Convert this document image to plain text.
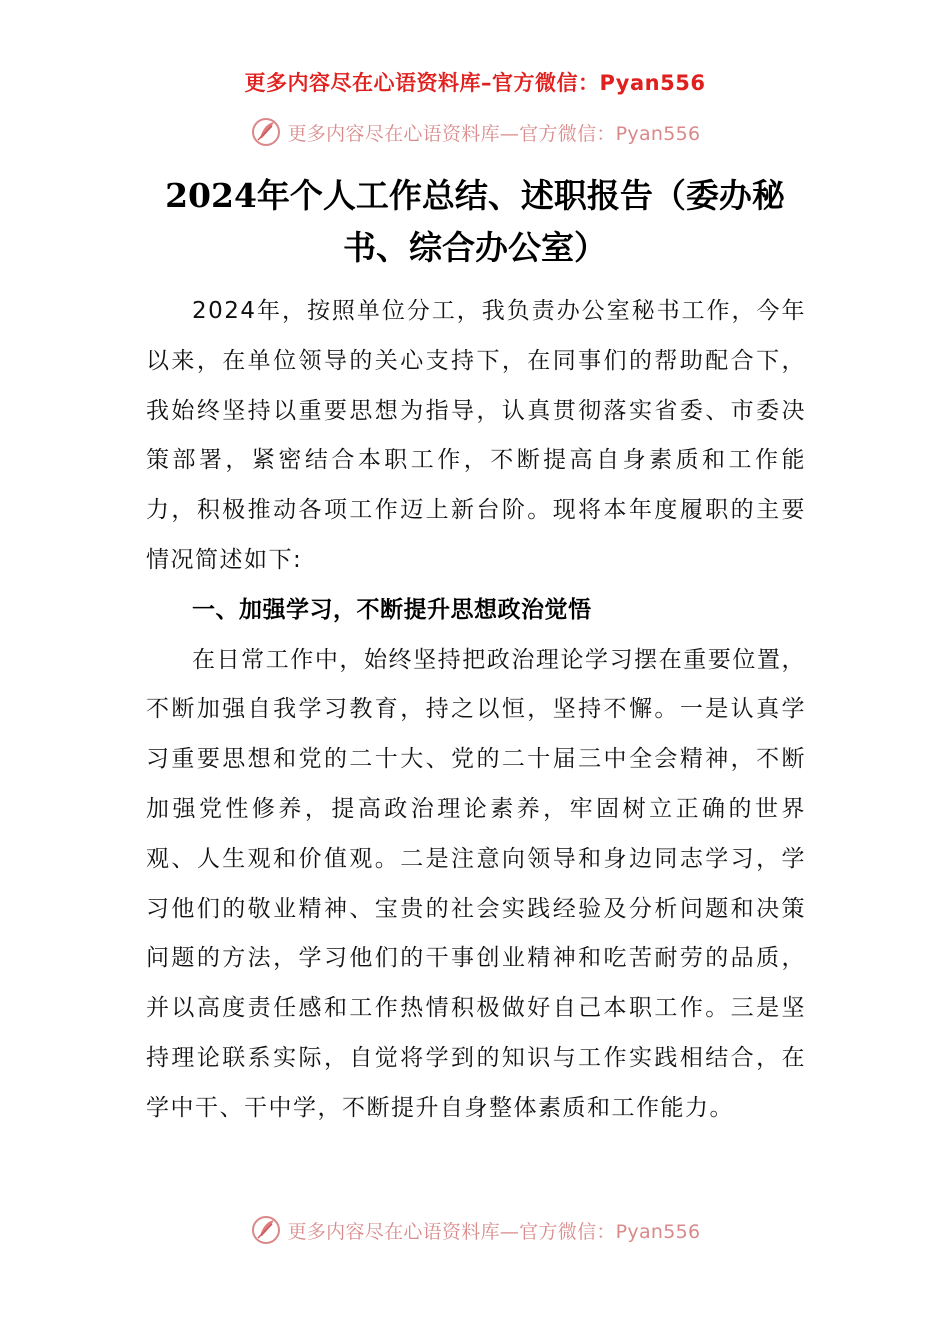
更多内容尽在心语资料库–官方微信：Pyan556
更多内容尽在心语资料库—官方微信：Pyan556
2024年个人工作总结、述职报告（委办秘书、综合办公室）

2024年，按照单位分工，我负责办公室秘书工作，今年以来，在单位领导的关心支持下，在同事们的帮助配合下，我始终坚持以重要思想为指导，认真贯彻落实省委、市委决策部署，紧密结合本职工作，不断提高自身素质和工作能力，积极推动各项工作迈上新台阶。现将本年度履职的主要情况简述如下:

一、加强学习，不断提升思想政治觉悟

在日常工作中，始终坚持把政治理论学习摆在重要位置，不断加强自我学习教育，持之以恒，坚持不懈。一是认真学习重要思想和党的二十大、党的二十届三中全会精神，不断加强党性修养，提高政治理论素养，牢固树立正确的世界观、人生观和价值观。二是注意向领导和身边同志学习，学习他们的敬业精神、宝贵的社会实践经验及分析问题和决策问题的方法，学习他们的干事创业精神和吃苦耐劳的品质，并以高度责任感和工作热情积极做好自己本职工作。三是坚持理论联系实际，自觉将学到的知识与工作实践相结合，在学中干、干中学，不断提升自身整体素质和工作能力。

更多内容尽在心语资料库—官方微信：Pyan556
